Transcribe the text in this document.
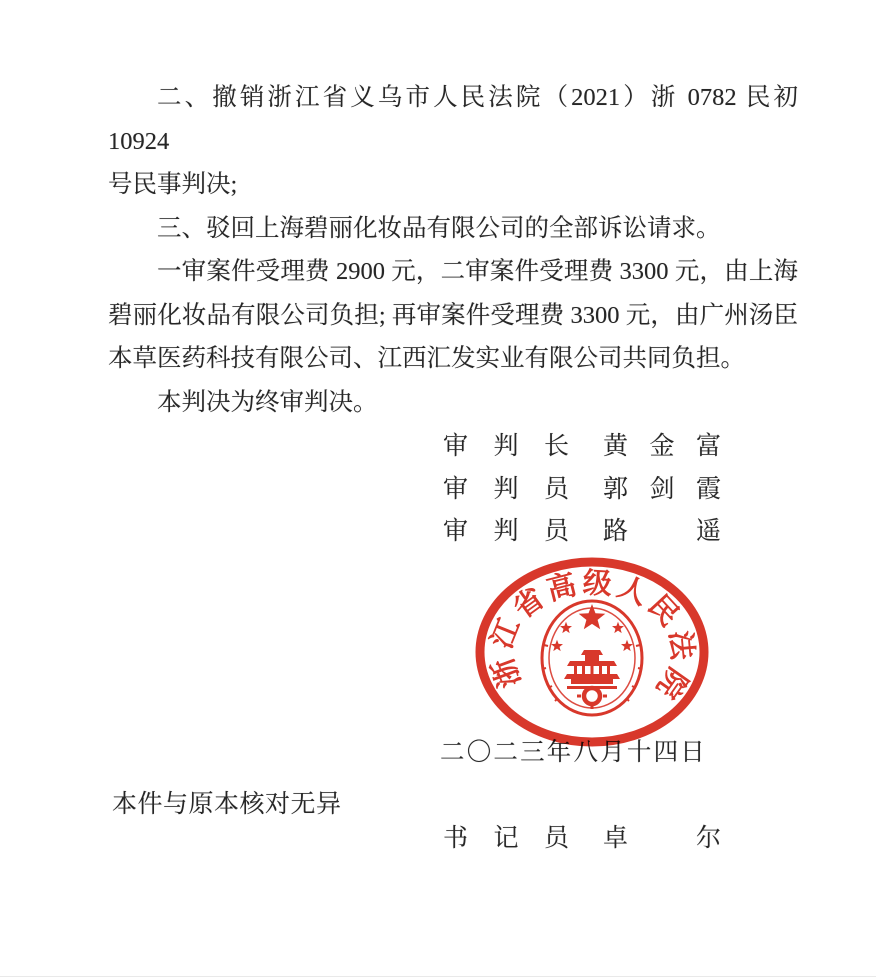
二、撤销浙江省义乌市人民法院（2021）浙 0782 民初 10924
号民事判决;
三、驳回上海碧丽化妆品有限公司的全部诉讼请求。
一审案件受理费 2900 元，二审案件受理费 3300 元，由上海
碧丽化妆品有限公司负担; 再审案件受理费 3300 元，由广州汤臣
本草医药科技有限公司、江西汇发实业有限公司共同负担。
本判决为终审判决。
审判长 黄金富
审判员 郭剑霞
审判员 路遥
二〇二三年八月十四日
本件与原本核对无异
书记员 卓尔
浙江省高级人民法院
